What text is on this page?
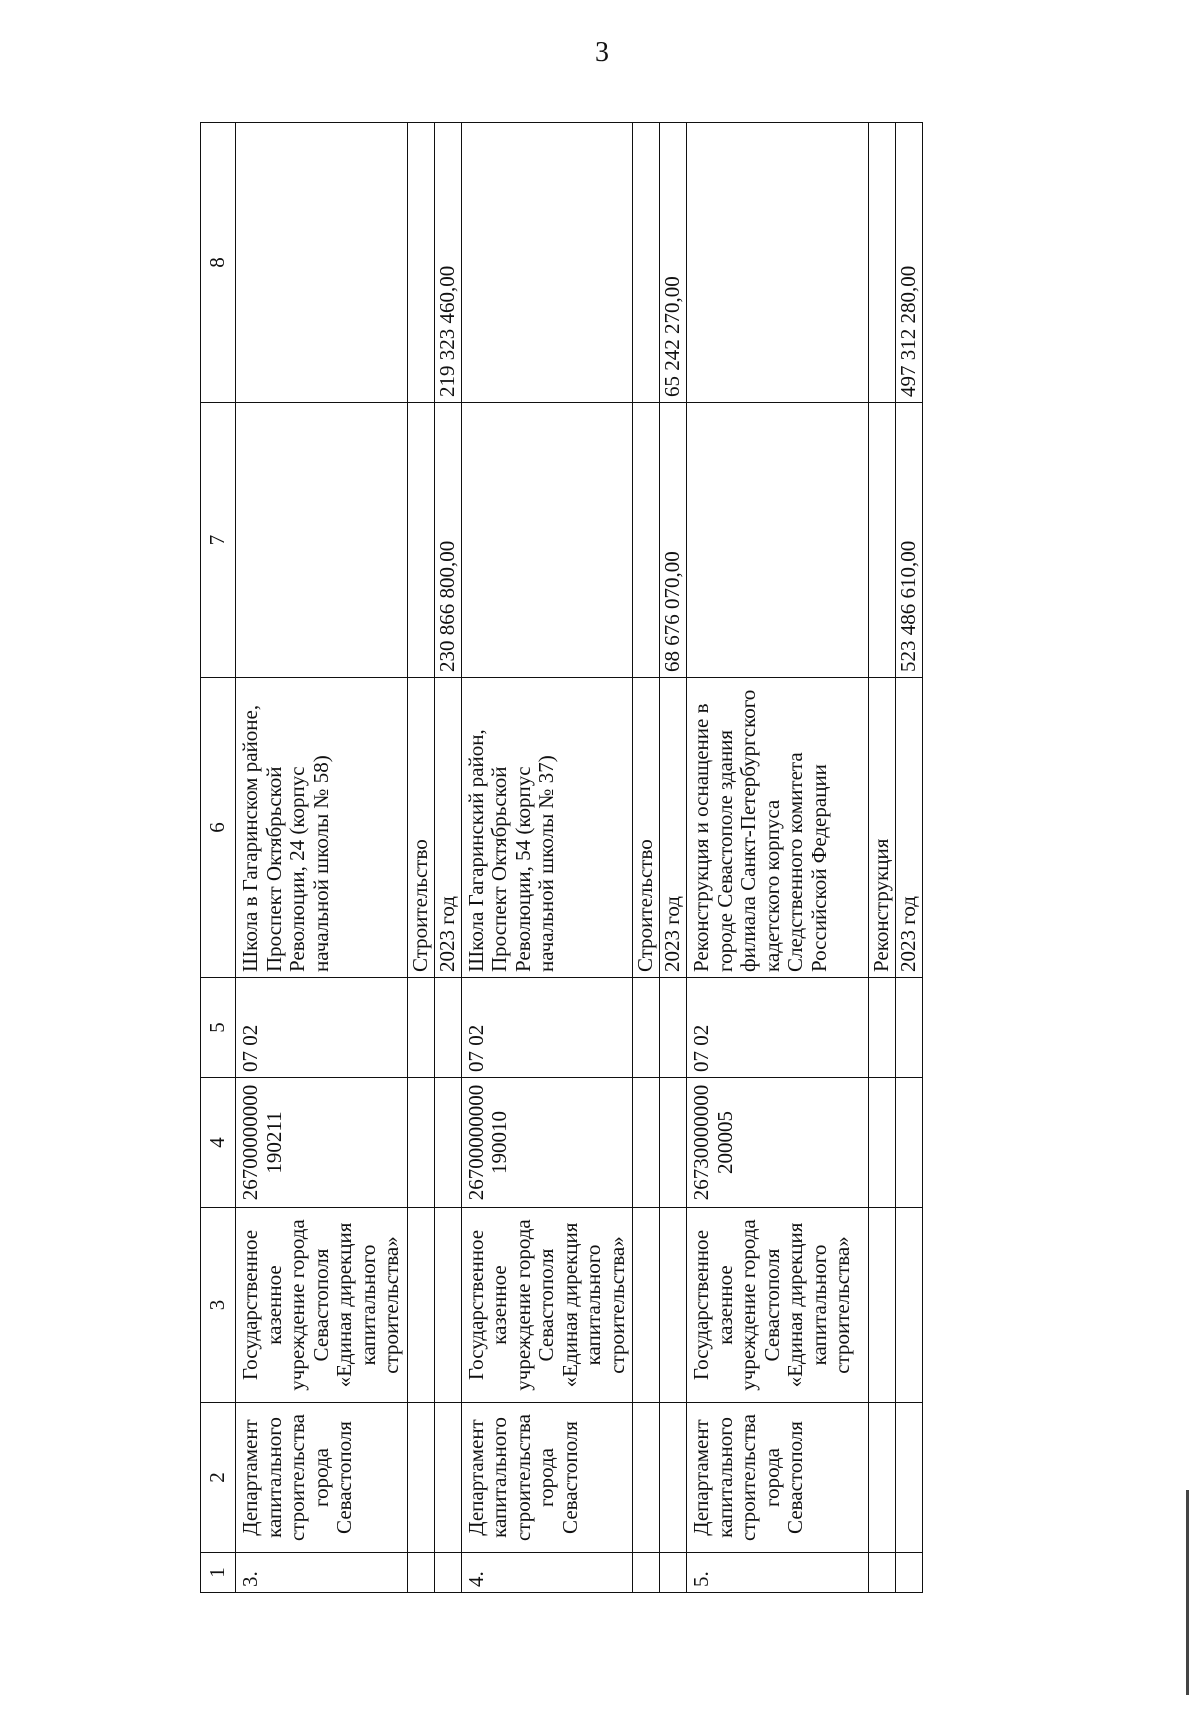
3
1	2	3	4	5	6	7	8
3.	Департамент капитального строительства города Севастополя	Государственное казенное учреждение города Севастополя «Единая дирекция капитального строительства»	26700000000190211	07 02	Школа в Гагаринском районе, Проспект Октябрьской Революции, 24 (корпус начальной школы № 58)		
					Строительство		
					2023 год	230 866 800,00	219 323 460,00
4.	Департамент капитального строительства города Севастополя	Государственное казенное учреждение города Севастополя «Единая дирекция капитального строительства»	26700000000190010	07 02	Школа Гагаринский район, Проспект Октябрьской Революции, 54 (корпус начальной школы № 37)		
					Строительство		
					2023 год	68 676 070,00	65 242 270,00
5.	Департамент капитального строительства города Севастополя	Государственное казенное учреждение города Севастополя «Единая дирекция капитального строительства»	26730000000200005	07 02	Реконструкция и оснащение в городе Севастополе здания филиала Санкт-Петербургского кадетского корпуса Следственного комитета Российской Федерации		
					Реконструкция		
					2023 год	523 486 610,00	497 312 280,00
